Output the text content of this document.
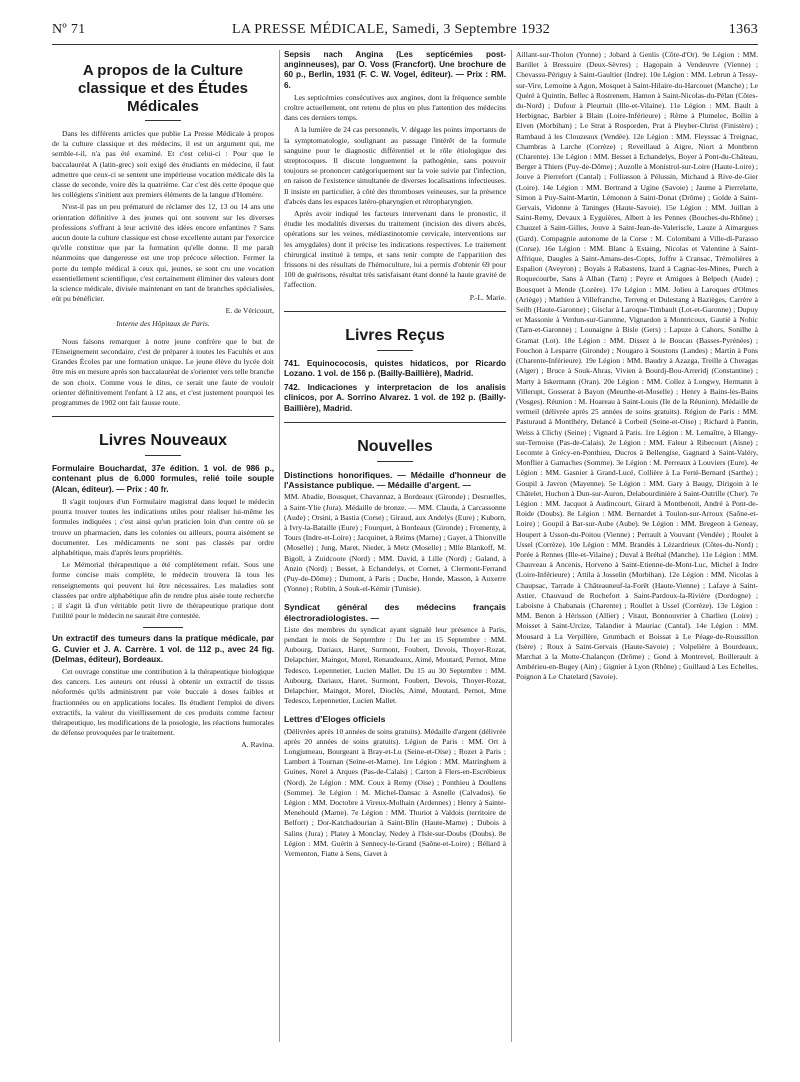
Nº 71	LA PRESSE MÉDICALE, Samedi, 3 Septembre 1932	1363
A propos de la Culture classique et des Études Médicales

Dans les différents articles que publie La Presse Médicale à propos de la culture classique et des médecins, il est un argument qui, me semble-t-il, n'a pas été examiné. Et c'est celui-ci : Pour que le baccalauréat A (latin-grec) soit exigé des étudiants en médecine, il faut admettre que ceux-ci se sentent une impérieuse vocation médicale dès la classe de seconde, voire dès la quatrième. Car c'est dès cette époque que les collégiens s'initient aux premiers éléments de la langue d'Homère.

N'est-il pas un peu prématuré de réclamer des 12, 13 ou 14 ans une orientation définitive à des jeunes qui ont souvent sur les diverses professions s'offrant à leur activité des idées encore enfantines ? Sans aucun doute la culture classique est chose excellente autant par l'exercice qu'elle constitue que par la formation qu'elle donne. Il me paraît néanmoins que dangereuse est une trop précoce sélection. Fermer la porte du temple médical à ceux qui, jeunes, se sont cru une vocation essentiellement scientifique, c'est certainement éliminer des valeurs dont la science médicale, divisée maintenant en tant de branches spécialisées, eût pu bénéficier.

E. de Véricourt,

Interne des Hôpitaux de Paris.

Nous faisons remarquer à notre jeune confrère que le but de l'Enseignement secondaire, c'est de préparer à toutes les Facultés et aux Grandes Écoles par une formation unique. Le jeune élève du lycée doit être mis en mesure après son baccalauréat de s'orienter vers telle branche de son choix. Comme vous le dites, ce serait une faute de vouloir orienter définitivement l'enfant à 12 ans, et c'est justement pourquoi les programmes de 1902 ont fait fausse route.

Livres Nouveaux

Formulaire Bouchardat, 37e édition. 1 vol. de 986 p., contenant plus de 6.000 formules, relié toile souple (Alcan, éditeur). — Prix : 40 fr.

Il s'agit toujours d'un Formulaire magistral dans lequel le médecin pourra trouver toutes les indications utiles pour réaliser lui-même les formules indiquées ; c'est ainsi qu'un praticien loin d'un centre où se trouve un pharmacien, dans les colonies ou ailleurs, pourra aisément se documenter. Les médicaments ne sont pas classés par ordre alphabétique, mais d'après leurs propriétés.

Le Mémorial thérapeutique a été complètement refait. Sous une forme concise mais complète, le médecin trouvera là tous les renseignements qui peuvent lui être nécessaires. Les maladies sont classées par ordre alphabétique afin de rendre plus aisée toute recherche ; il s'agit là d'un véritable petit livre de thérapeutique pratique dont l'utilité pour le médecin ne saurait être contestée.

Un extractif des tumeurs dans la pratique médicale, par G. Cuvier et J. A. Carrère. 1 vol. de 112 p., avec 24 fig. (Delmas, éditeur), Bordeaux.

Cet ouvrage constitue une contribution à la thérapeutique biologique des cancers. Les auteurs ont réussi à obtenir un extractif de tissus néoformés qu'ils administrent par voie buccale à doses faibles et fractionnées ou en applications locales. Ils étudient l'emploi de divers extractifs, la valeur du vieillissement de ces produits comme facteur thérapeutique, les modifications de la posologie, les réactions humorales de défense provoquées par le traitement.

A. Ravina.

Sepsis nach Angina (Les septicémies post-anginneuses), par O. Voss (Francfort). Une brochure de 60 p., Berlin, 1931 (F. C. W. Vogel, éditeur). — Prix : RM. 6.

Les septicémies consécutives aux angines, dont la fréquence semble croître actuellement, ont retenu de plus en plus l'attention des médecins dans ces derniers temps.

A la lumière de 24 cas personnels, V. dégage les points importants de la symptomatologie, soulignant au passage l'intérêt de la formule sanguine pour le diagnostic différentiel et le rôle étiologique des streptocoques. Il discute longuement la pathogénie, sans pouvoir toujours se prononcer catégoriquement sur la voie suivie par l'infection, en raison de l'existence simultanée de diverses localisations infectieuses. Il insiste en particulier, à côté des thromboses veineuses, sur la présence d'abcès dans les espaces latéro-pharyngien et rétropharyngien.

Après avoir indiqué les facteurs intervenant dans le pronostic, il étudie les modalités diverses du traitement (incision des divers abcès, opérations sur les veines, médiastinotomie cervicale, interventions sur les amygdales) dont il précise les indications respectives. Le traitement chirurgical institué à temps, et sans tenir compte de l'apparition des frissons ni des résultats de l'hémoculture, lui a permis d'obtenir 69 pour 100 de guérisons, résultat très satisfaisant étant donné la haute gravité de l'affection.

P.-L. Marie.

Livres Reçus

741. Equinococosis, quistes hidaticos, por Ricardo Lozano. 1 vol. de 156 p. (Bailly-Baillière), Madrid.

742. Indicaciones y interpretacion de los analisis clinicos, por A. Sorrino Alvarez. 1 vol. de 192 p. (Bailly-Baillière), Madrid.

Nouvelles

Distinctions honorifiques. — Médaille d'honneur de l'Assistance publique. — Médaille d'argent. —

MM. Abadie, Bousquet, Chavannaz, à Bordeaux (Gironde) ; Desruelles, à Saint-Ylie (Jura). Médaille de bronze. — MM. Clauda, à Carcassonne (Aude) ; Orsini, à Bastia (Corse) ; Giraud, aux Andelys (Eure) ; Kuborn, à Ivry-la-Bataille (Eure) ; Fourquet, à Bordeaux (Gironde) ; Fromenty, à Tours (Indre-et-Loire) ; Jacquinet, à Reims (Marne) ; Gayet, à Thionville (Moselle) ; Jung, Maret, Nieder, à Metz (Moselle) ; Mlle Blankoff, M. Bigoll, à Zuidcoote (Nord) ; MM. David, à Lille (Nord) ; Galand, à Anzin (Nord) ; Besset, à Echandelys, et Cornet, à Clermont-Ferrand (Puy-de-Dôme) ; Dumont, à Paris ; Duche, Honde, Masson, à Auxerre (Yonne) ; Roblin, à Souk-el-Kémir (Tunisie).

Syndicat général des médecins français électroradiologistes. —

Liste des membres du syndicat ayant signalé leur présence à Paris, pendant le mois de Septembre : Du 1er au 15 Septembre : MM. Aubourg, Dariaux, Haret, Surmont, Foubert, Devois, Thoyer-Rozat, Delapchier, Maingot, Morel, Renaudeaux, Aimé, Moutard, Pernot, Mme Tedesco, Lepennetier, Lucien Mallet. Du 15 au 30 Septembre : MM. Aubourg, Dariaux, Haret, Surmont, Foubert, Devois, Thoyer-Rozat, Delapchier, Maingot, Morel, Dioclès, Aimé, Moutard, Pernot, Mme Tedesco, Lepennetier, Lucien Mallet.

Lettres d'Eloges officiels

(Délivrées après 10 années de soins gratuits). Médaille d'argent (délivrée après 20 années de soins gratuits). Légion de Paris : MM. Ort à Longjumeau, Bourgeant à Bray-et-Lu (Seine-et-Oise) ; Rozet à Paris ; Lambert à Tournan (Seine-et-Marne). 1re Légion : MM. Matringhem à Guines, Norel à Arques (Pas-de-Calais) ; Carton à Flers-en-Escrébieux (Nord). 2e Légion : MM. Coux à Remy (Oise) ; Ponthieu à Doullens (Somme). 3e Légion : M. Michel-Dansac à Asnelle (Calvados). 6e Légion : MM. Doctobre à Vireux-Molhain (Ardennes) ; Henry à Sainte-Menehould (Marne). 7e Légion : MM. Thuriot à Valdois (territoire de Belfort) ; Dor-Katchadourian à Saint-Blin (Haute-Marne) ; Dubois à Salins (Jura) ; Platey à Monclay, Nedey à l'Isle-sur-Doubs (Doubs). 8e Légion : MM. Guérin à Sennecy-le-Grand (Saône-et-Loire) ; Béliard à Vermenton, Fiatte à Sens, Gavet à

Aillant-sur-Tholon (Yonne) ; Jobard à Genlis (Côte-d'Or). 9e Légion : MM. Barillet à Bressuire (Deux-Sèvres) ; Hagopain à Vendeuvre (Vienne) ; Chevassu-Périguy à Saint-Gaultier (Indre). 10e Légion : MM. Lebrun à Tessy-sur-Vire, Lemoine à Agon, Mosquet à Saint-Hilaire-du-Harcouet (Manche) ; Le Quéré à Quintin, Bellec à Rostrenem, Hamon à Saint-Nicolas-du-Pélan (Côtes-du-Nord) ; Dufour à Pleurtuit (Ille-et-Vilaine). 11e Légion : MM. Bault à Herbignac, Barbier à Blain (Loire-Inférieure) ; Rème à Plumelec, Bollin à Elven (Morbihan) ; Le Strat à Rosporden, Prat à Pleyber-Christ (Finistère) ; Rambaud à les Clouzeaux (Vendée). 12e Légion : MM. Fleyssac à Treignac, Chambras à Larche (Corrèze) ; Reveillaud à Aigre, Niort à Montbron (Charente). 13e Légion : MM. Besset à Echandelys, Boyer à Pont-du-Château, Berger à Thiers (Puy-de-Dôme) ; Auzolle à Monistrol-sur-Loire (Haute-Loire) ; Jouve à Pierrefort (Cantal) ; Folliasson à Pélussin, Michaud à Rive-de-Gier (Loire). 14e Légion : MM. Bertrand à Ugine (Savoie) ; Jaume à Pierrelatte, Simon à Puy-Saint-Martin, Lémonon à Saint-Donat (Drôme) ; Golde à Saint-Gervais, Vidonne à Taninges (Haute-Savoie). 15e Légion : MM. Juillan à Saint-Remy, Devaux à Eyguières, Albert à les Pennes (Bouches-du-Rhône) ; Chauzel à Saint-Gilles, Jouve à Saint-Jean-de-Valeriscle, Lauze à Aimargues (Gard). Compagnie autonome de la Corse : M. Colombani à Ville-di-Parasso (Corse). 16e Légion : MM. Blanc à Estaing, Nicolas et Valentine à Saint-Affrique, Daugles à Saint-Amans-des-Copts, Joffre à Cransac, Trémolières à Espalion (Aveyron) ; Boyals à Rabastens, Izard à Cagnac-les-Mines, Puech à Roquecourbe, Sans à Alban (Tarn) ; Peyre et Amigues à Belpech (Aude) ; Bousquet à Mende (Lozère). 17e Légion : MM. Jolieu à Laroques d'Olmes (Ariège) ; Mathieu à Villefranche, Terreng et Dulestang à Bazièges, Carrère à Seilh (Haute-Garonne) ; Gisclar à Laroque-Timbault (Lot-et-Garonne) ; Dupuy et Massonie à Verdun-sur-Garonne, Vignardon à Montricoux, Gautié à Nohic (Tarn-et-Garonne) ; Lounaigne à Bisle (Gers) ; Lapuze à Cahors, Sonilhe à Gramat (Lot). 18e Légion : MM. Dissez à le Boucau (Basses-Pyrénées) ; Fouchon à Lesparre (Gironde) ; Nougaro à Soustons (Landes) ; Martin à Pons (Charente-Inférieure). 19e Légion : MM. Baudry à Azazga, Treille à Cheragas (Alger) ; Bruce à Souk-Ahras, Vivien à Bourdj-Bou-Arreridj (Constantine) ; Marty à Iskermann (Oran). 20e Légion : MM. Collez à Longwy, Hermann à Villerupt, Gosserat à Bayon (Meurthe-et-Moselle) ; Henry à Bains-les-Bains (Vosges). Réunion : M. Hoareau à Saint-Louis (Ile de la Réunion). Médaille de vermeil (délivrée après 25 années de soins gratuits). Région de Paris : MM. Pasturaud à Montlhéry, Delancé à Corbeil (Seine-et-Oise) ; Richard à Pantin, Weiss à Clichy (Seine) ; Vignard à Paris. 1re Légion : M. Lemaître, à Blangy-sur-Ternoise (Pas-de-Calais). 2e Légion : MM. Faleur à Ribecourt (Aisne) ; Lecomte à Grécy-en-Ponthieu, Ducros à Bellengise, Gagnard à Saint-Valéry, Monflier à Gamaches (Somme). 3e Légion : M. Perreaux à Louviers (Eure). 4e Légion : MM. Gasnier à Grand-Lucé, Collière à La Ferté-Bernard (Sarthe) ; Goupil à Javron (Mayenne). 5e Légion : MM. Gary à Baugy, Dirigoin à le Châtelet, Huchon à Dun-sur-Auron, Delabourdinière à Saint-Outrille (Cher). 7e Légion : MM. Jacquot à Audincourt, Girard à Montbenoit, André à Pont-de-Roide (Doubs). 8e Légion : MM. Bernardet à Toulon-sur-Arroux (Saône-et-Loire) ; Goupil à Bar-sur-Aube (Aube). 9e Légion : MM. Bregeon à Geneay, Houpert à Usson-du-Poitou (Vienne) ; Perrault à Vouvant (Vendée) ; Roulet à Ussel (Corrèze). 10e Légion : MM. Brandès à Lézardrieux (Côtes-du-Nord) ; Porée à Rennes (Ille-et-Vilaine) ; Duval à Bréhal (Manche). 11e Légion : MM. Chauveau à Ancenis, Horveno à Saint-Etienne-de-Mont-Luc, Michel à Indre (Loire-Inférieure) ; Attila à Josselin (Morbihan). 12e Légion : MM. Nicolas à Chaupsac, Tarrade à Châteauneuf-la-Forêt (Haute-Vienne) ; Lafaye à Saint-Astier, Chauvaud de Rochefort à Saint-Pardoux-la-Rivière (Dordogne) ; Laboisne à Chabanais (Charente) ; Roullet à Ussel (Corrèze). 13e Légion : MM. Benon à Hérisson (Allier) ; Vitaut, Bonnouvrier à Charlieu (Loire) ; Moisset à Saint-Urcize, Talandier à Mauriac (Cantal). 14e Légion : MM. Mousard à La Verpillère, Grumbach et Boissat à Le Péage-de-Roussillon (Isère) ; Roux à Saint-Gervais (Haute-Savoie) ; Volpelière à Bourdeaux, Marchat à la Motte-Chalançon (Drôme) ; Gond à Montrevel, Boillerault à Ambérieu-en-Bugey (Ain) ; Gignier à Lyon (Rhône) ; Guillaud à Les Echelles, Poignon à Le Chatelard (Savoie).
